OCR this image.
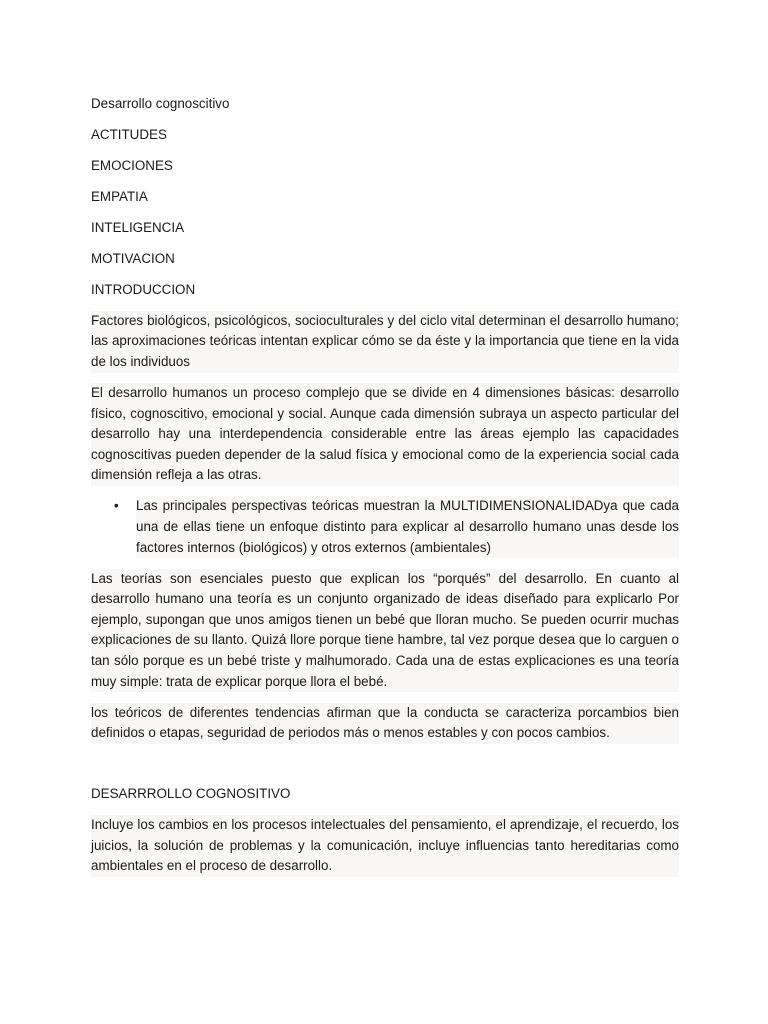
Desarrollo cognoscitivo
ACTITUDES
EMOCIONES
EMPATIA
INTELIGENCIA
MOTIVACION
INTRODUCCION

Factores biológicos, psicológicos, socioculturales y del ciclo vital determinan el desarrollo humano; las aproximaciones teóricas intentan explicar cómo se da éste y la importancia que tiene en la vida de los individuos

El desarrollo humanos un proceso complejo que se divide en 4 dimensiones básicas: desarrollo físico, cognoscitivo, emocional y social. Aunque cada dimensión subraya un aspecto particular del desarrollo hay una interdependencia considerable entre las áreas ejemplo las capacidades cognoscitivas pueden depender de la salud física y emocional como de la experiencia social cada dimensión refleja a las otras.

• Las principales perspectivas teóricas muestran la MULTIDIMENSIONALIDADya que cada una de ellas tiene un enfoque distinto para explicar al desarrollo humano unas desde los factores internos (biológicos) y otros externos (ambientales)

Las teorías son esenciales puesto que explican los “porqués” del desarrollo. En cuanto al desarrollo humano una teoría es un conjunto organizado de ideas diseñado para explicarlo Por ejemplo, supongan que unos amigos tienen un bebé que lloran mucho. Se pueden ocurrir muchas explicaciones de su llanto. Quizá llore porque tiene hambre, tal vez porque desea que lo carguen o tan sólo porque es un bebé triste y malhumorado. Cada una de estas explicaciones es una teoría muy simple: trata de explicar porque llora el bebé.

los teóricos de diferentes tendencias afirman que la conducta se caracteriza porcambios bien definidos o etapas, seguridad de periodos más o menos estables y con pocos cambios.

DESARRROLLO COGNOSITIVO

Incluye los cambios en los procesos intelectuales del pensamiento, el aprendizaje, el recuerdo, los juicios, la solución de problemas y la comunicación, incluye influencias tanto hereditarias como ambientales en el proceso de desarrollo.
